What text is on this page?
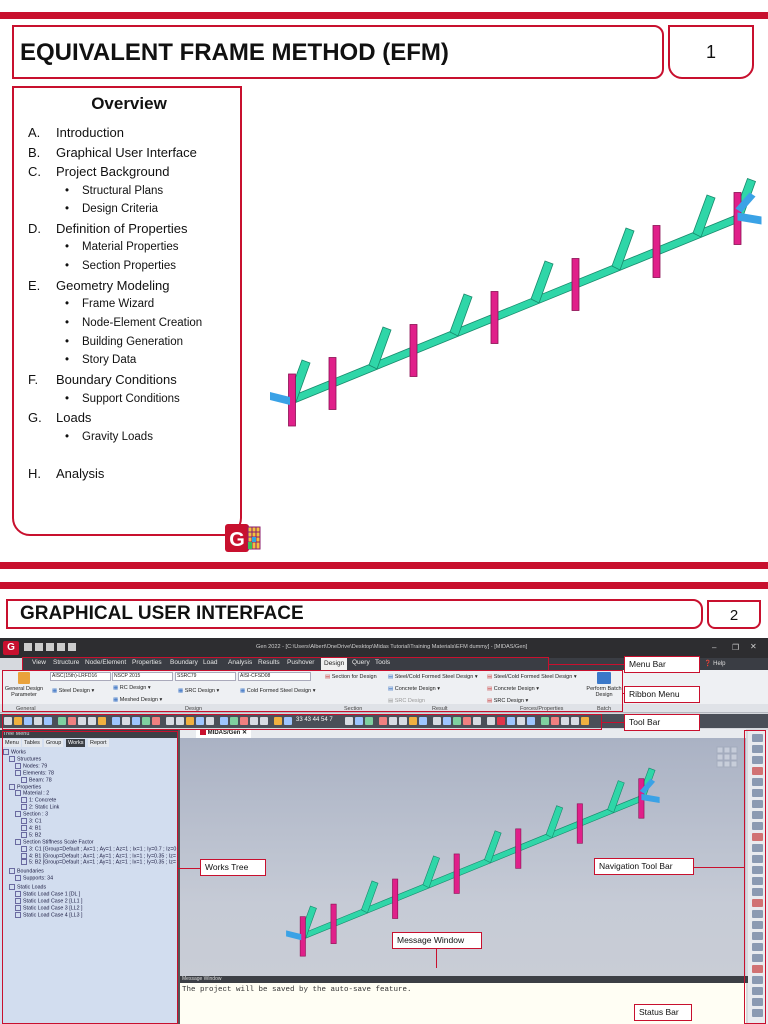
EQUIVALENT FRAME METHOD (EFM)	1
Overview
A. Introduction
B. Graphical User Interface
C. Project Background
• Structural Plans
• Design Criteria
D. Definition of Properties
• Material Properties
• Section Properties
E. Geometry Modeling
• Frame Wizard
• Node-Element Creation
• Building Generation
• Story Data
F. Boundary Conditions
• Support Conditions
G. Loads
• Gravity Loads
H. Analysis
G
GRAPHICAL USER INTERFACE	2
G	Gen 2022 - [C:\Users\Albert\OneDrive\Desktop\Midas Tutorial\Training Materials\EFM dummy] - [MIDAS/Gen]	– ❐ ✕
View Structure Node/Element Properties Boundary Load Analysis Results Pushover	Design	Query Tools	❓ Help
General Design Parameter
AISC(15th)-LRFD16	NSCP 2015	SSRC79	AISI-CFSD08
▦ Steel Design ▾	▦ RC Design ▾
▦ Meshed Design ▾
▦ SRC Design ▾	▦ Cold Formed Steel Design ▾
▤ Section for Design ▤ Steel/Cold Formed Steel Design ▾
▤ Concrete Design ▾
▤ SRC Design
▤ Steel/Cold Formed Steel Design ▾
▤ Concrete Design ▾
▤ SRC Design ▾
Perform Batch Design
33 43 44 54 7
Tree Menu
Menu Tables	Group	Works	Report
Works
Structures
Nodes: 79
Elements: 78
Beam: 78
Properties
Material : 2
1: Concrete
2: Static Link
Section : 3
3: C1
4: B1
5: B2
Section Stiffness Scale Factor
3: C1 [Group=Default ; Ax=1 ; Ay=1 ; Az=1 ; Ix=1 ; Iy=0.7 ; Iz=0
4: B1 [Group=Default ; Ax=1 ; Ay=1 ; Az=1 ; Ix=1 ; Iy=0.35 ; Iz=
5: B2 [Group=Default ; Ax=1 ; Ay=1 ; Az=1 ; Ix=1 ; Iy=0.35 ; Iz=
Boundaries
Supports: 34
Static Loads
Static Load Case 1 [DL ]
Static Load Case 2 [LL1 ]
Static Load Case 3 [LL2 ]
Static Load Case 4 [LL3 ]
MIDAS/Gen ✕
Message Window
The project will be saved by the auto-save feature.
General	Design	Section	Result	Forces/Properties	Batch
Menu Bar
Ribbon Menu
Tool Bar
Works Tree	Navigation Tool Bar
Message Window
Status Bar
